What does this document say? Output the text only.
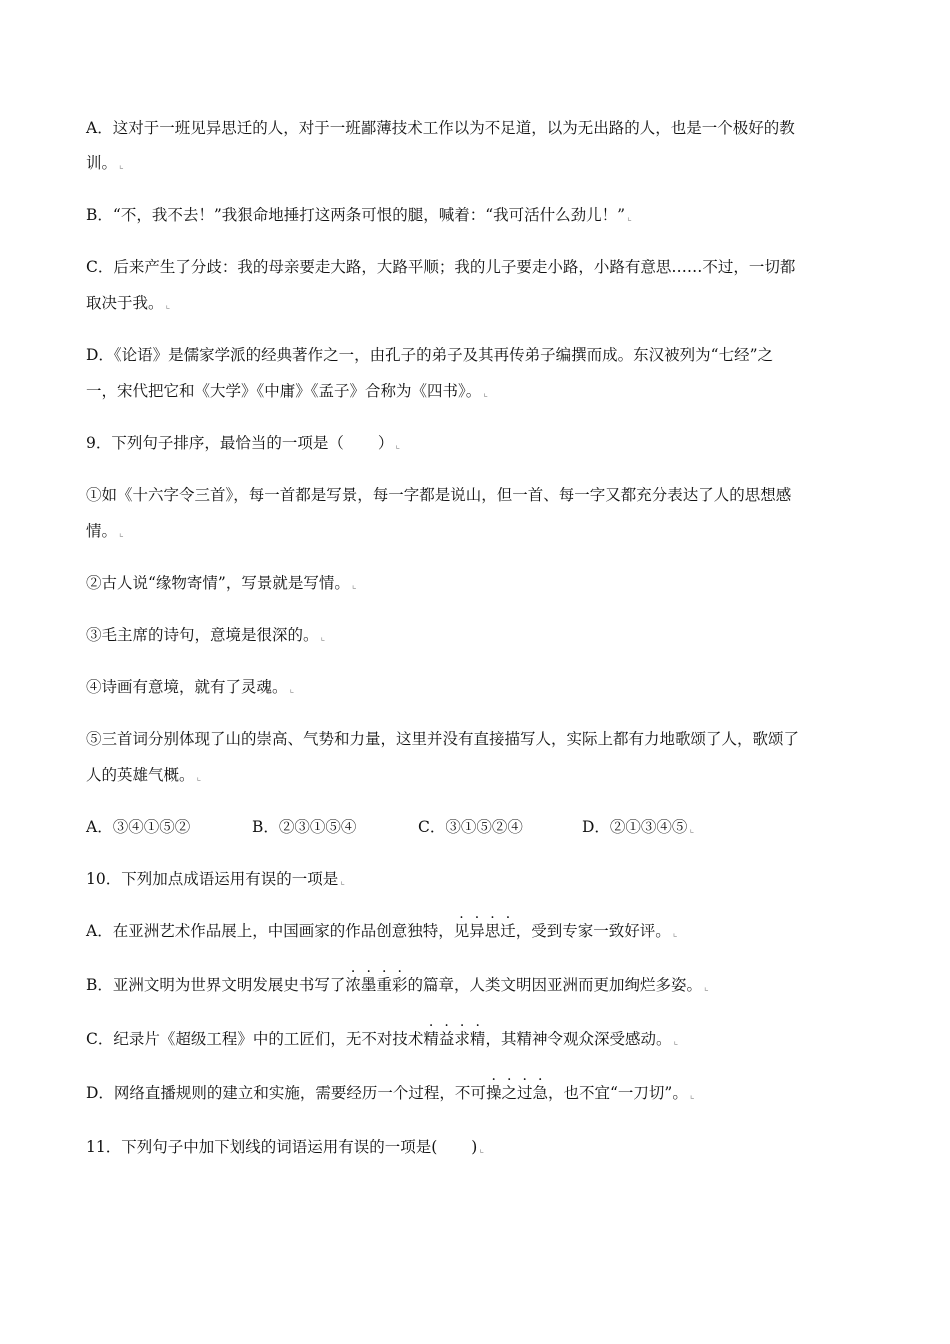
A．这对于一班见异思迁的人，对于一班鄙薄技术工作以为不足道，以为无出路的人，也是一个极好的教
训。 ⌞
B．“不，我不去！”我狠命地捶打这两条可恨的腿，喊着：“我可活什么劲儿！” ⌞
C．后来产生了分歧：我的母亲要走大路，大路平顺；我的儿子要走小路，小路有意思……不过，一切都
取决于我。 ⌞
D．《论语》是儒家学派的经典著作之一，由孔子的弟子及其再传弟子编撰而成。东汉被列为“七经”之
一，宋代把它和《大学》《中庸》《孟子》合称为《四书》。 ⌞
9．下列句子排序，最恰当的一项是（ ） ⌞
①如《十六字令三首》，每一首都是写景，每一字都是说山，但一首、每一字又都充分表达了人的思想感
情。 ⌞
②古人说“缘物寄情”，写景就是写情。 ⌞
③毛主席的诗句，意境是很深的。 ⌞
④诗画有意境，就有了灵魂。 ⌞
⑤三首词分别体现了山的崇高、气势和力量，这里并没有直接描写人，实际上都有力地歌颂了人，歌颂了
人的英雄气概。 ⌞
A．③④①⑤②	B．②③①⑤④	C．③①⑤②④	D．②①③④⑤ ⌞
10．下列加点成语运用有误的一项是 ⌞
A．在亚洲艺术作品展上，中国画家的作品创意独特，见异思迁，受到专家一致好评。 ⌞
B．亚洲文明为世界文明发展史书写了浓墨重彩的篇章，人类文明因亚洲而更加绚烂多姿。 ⌞
C．纪录片《超级工程》中的工匠们，无不对技术精益求精，其精神令观众深受感动。 ⌞
D．网络直播规则的建立和实施，需要经历一个过程，不可操之过急，也不宜“一刀切”。 ⌞
11．下列句子中加下划线的词语运用有误的一项是( ) ⌞
